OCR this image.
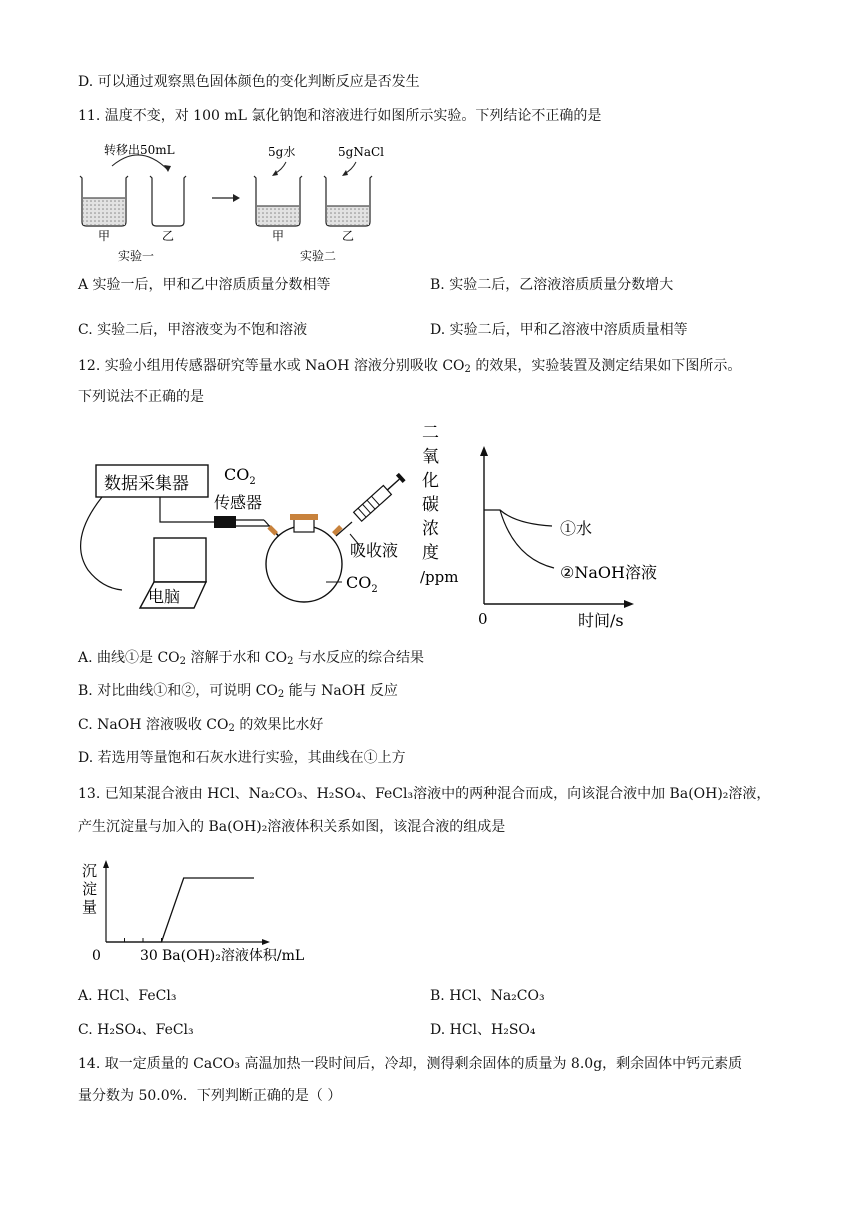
D. 可以通过观察黑色固体颜色的变化判断反应是否发生
11. 温度不变，对 100 mL 氯化钠饱和溶液进行如图所示实验。下列结论不正确的是
转移出50mL
甲	乙
实验一
5g水	5gNaCl
甲	乙
实验二
A 实验一后，甲和乙中溶质质量分数相等	B. 实验二后，乙溶液溶质质量分数增大
C. 实验二后，甲溶液变为不饱和溶液	D. 实验二后，甲和乙溶液中溶质质量相等
12. 实验小组用传感器研究等量水或 NaOH 溶液分别吸收 $CO_2$ 的效果，实验装置及测定结果如下图所示。
下列说法不正确的是
数据采集器 $CO_2$
传感器
吸收液
$CO_2$
电脑
二
氧
化
碳
浓
度
/ppm
①水
②NaOH溶液
0	时间/s
A. 曲线①是 $CO_2$ 溶解于水和 $CO_2$ 与水反应的综合结果
B. 对比曲线①和②，可说明 $CO_2$ 能与 NaOH 反应
C. NaOH 溶液吸收 $CO_2$ 的效果比水好
D. 若选用等量饱和石灰水进行实验，其曲线在①上方
13. 已知某混合液由 HCl、Na₂CO₃、H₂SO₄、FeCl₃溶液中的两种混合而成，向该混合液中加 Ba(OH)₂溶液，
产生沉淀量与加入的 Ba(OH)₂溶液体积关系如图，该混合液的组成是
沉
淀
量
0	30 Ba(OH)₂溶液体积/mL
A. HCl、FeCl₃	B. HCl、Na₂CO₃
C. H₂SO₄、FeCl₃	D. HCl、H₂SO₄
14. 取一定质量的 CaCO₃ 高温加热一段时间后，冷却，测得剩余固体的质量为 8.0g，剩余固体中钙元素质
量分数为 50.0%．下列判断正确的是（ ）
